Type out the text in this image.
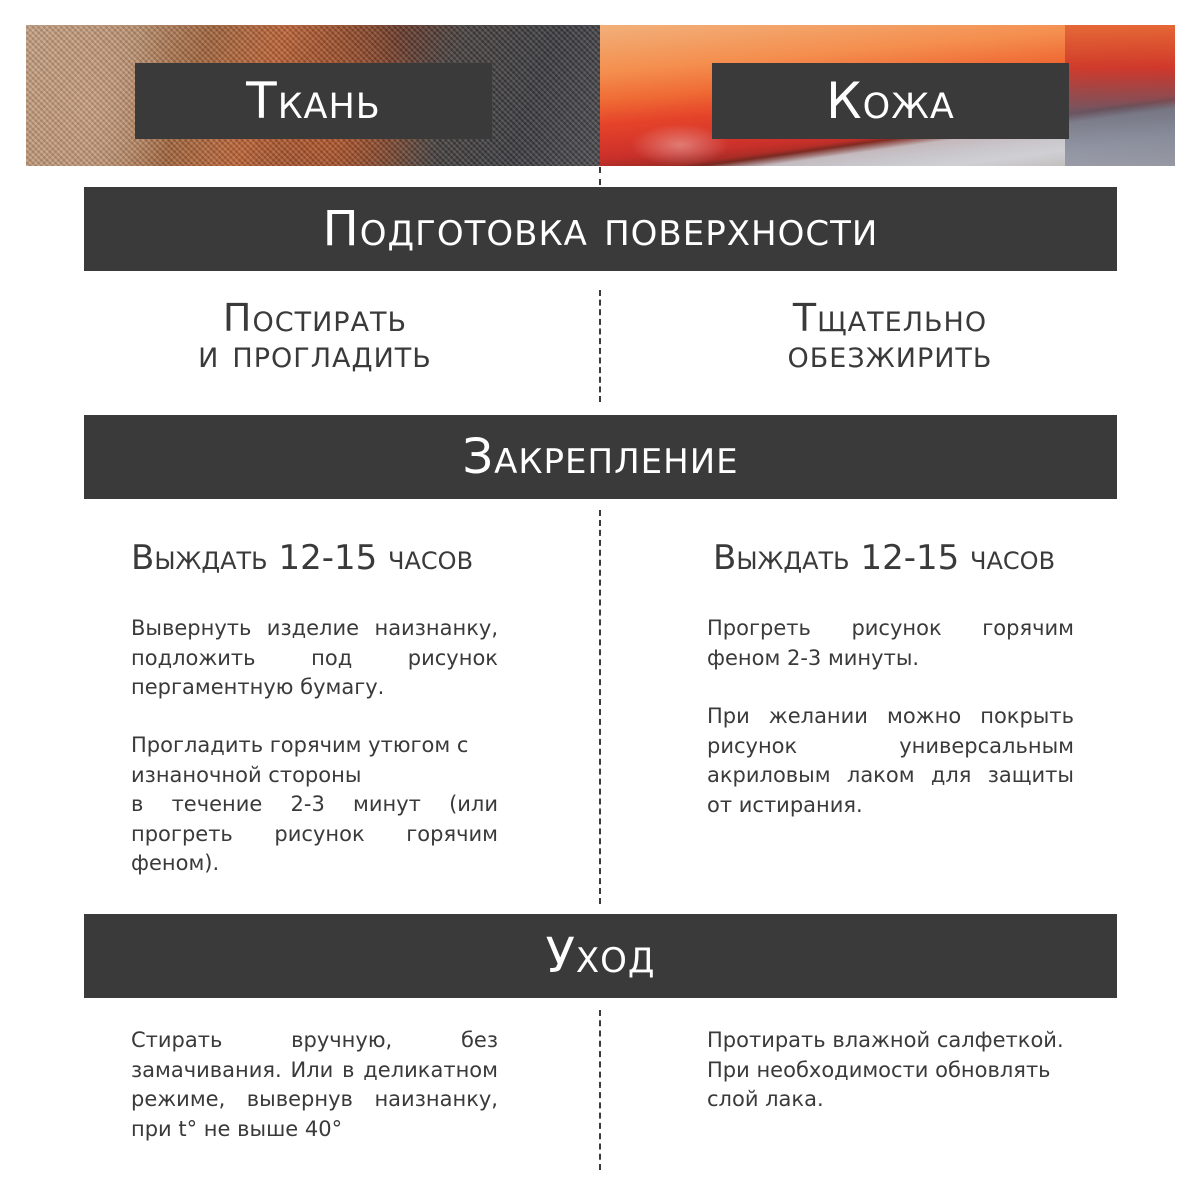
Ткань	Кожа
Подготовка поверхности
Постирать
и прогладить
Тщательно
обезжирить
Закрепление
Выждать 12-15 часов	Выждать 12-15 часов

Вывернуть изделие наизнанку, подложить под рисунок пергаментную бумагу.

Прогладить горячим утюгом с изнаночной стороны

в течение 2-3 минут (или прогреть рисунок горячим феном).

Прогреть рисунок горячим феном 2-3 минуты.

При желании можно покрыть рисунок универсальным акриловым лаком для защиты от истирания.

Уход

Стирать вручную, без замачивания. Или в деликатном режиме, вывернув наизнанку, при t° не выше 40°

Протирать влажной салфеткой. При необходимости обновлять слой лака.
